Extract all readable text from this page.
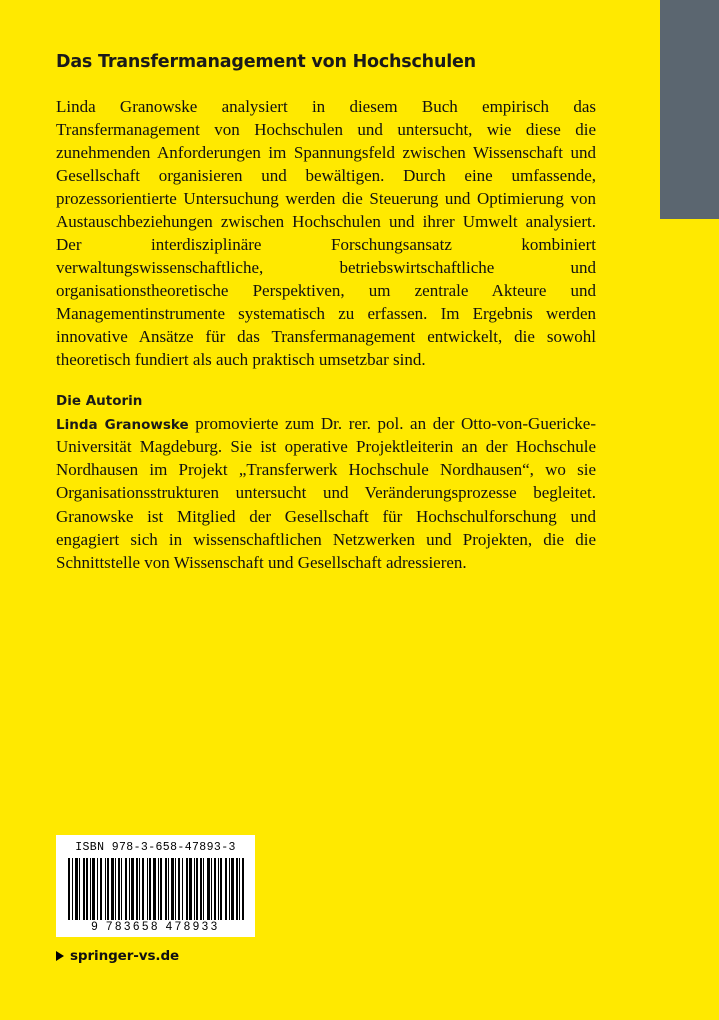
Das Transfermanagement von Hochschulen

Linda Granowske analysiert in diesem Buch empirisch das Transfermanagement von Hochschulen und untersucht, wie diese die zunehmenden Anforderungen im Spannungsfeld zwischen Wissenschaft und Gesellschaft organisieren und bewältigen. Durch eine umfassende, prozessorientierte Untersuchung werden die Steuerung und Optimierung von Austauschbeziehungen zwischen Hochschulen und ihrer Umwelt analysiert. Der interdisziplinäre Forschungsansatz kombiniert verwaltungswissenschaftliche, betriebswirtschaftliche und organisationstheoretische Perspektiven, um zentrale Akteure und Managementinstrumente systematisch zu erfassen. Im Ergebnis werden innovative Ansätze für das Transfermanagement entwickelt, die sowohl theoretisch fundiert als auch praktisch umsetzbar sind.

Die Autorin

Linda Granowske promovierte zum Dr. rer. pol. an der Otto-von-Guericke-Universität Magdeburg. Sie ist operative Projektleiterin an der Hochschule Nordhausen im Projekt „Transferwerk Hochschule Nordhausen“, wo sie Organisationsstrukturen untersucht und Veränderungsprozesse begleitet. Granowske ist Mitglied der Gesellschaft für Hochschulforschung und engagiert sich in wissenschaftlichen Netzwerken und Projekten, die die Schnittstelle von Wissenschaft und Gesellschaft adressieren.

ISBN 978-3-658-47893-3
9 783658 478933
springer-vs.de
